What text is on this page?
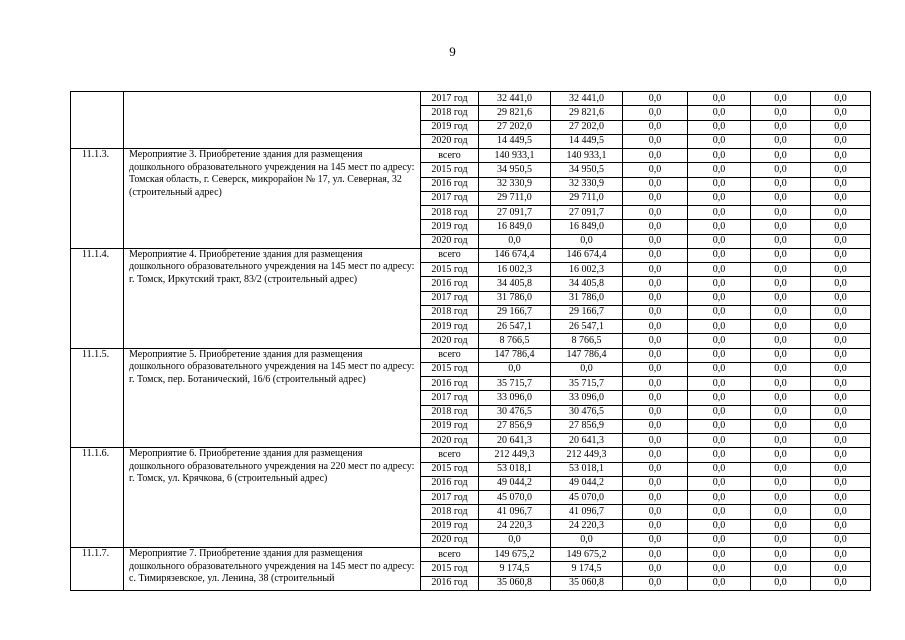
9
		2017 год	32 441,0	32 441,0	0,0	0,0	0,0	0,0
		2018 год	29 821,6	29 821,6	0,0	0,0	0,0	0,0
		2019 год	27 202,0	27 202,0	0,0	0,0	0,0	0,0
		2020 год	14 449,5	14 449,5	0,0	0,0	0,0	0,0
11.1.3.	Мероприятие 3. Приобретение здания для размещения дошкольного образовательного учреждения на 145 мест по адресу: Томская область, г. Северск, микрорайон № 17, ул. Северная, 32 (строительный адрес)	всего	140 933,1	140 933,1	0,0	0,0	0,0	0,0
		2015 год	34 950,5	34 950,5	0,0	0,0	0,0	0,0
		2016 год	32 330,9	32 330,9	0,0	0,0	0,0	0,0
		2017 год	29 711,0	29 711,0	0,0	0,0	0,0	0,0
		2018 год	27 091,7	27 091,7	0,0	0,0	0,0	0,0
		2019 год	16 849,0	16 849,0	0,0	0,0	0,0	0,0
		2020 год	0,0	0,0	0,0	0,0	0,0	0,0
11.1.4.	Мероприятие 4. Приобретение здания для размещения дошкольного образовательного учреждения на 145 мест по адресу: г. Томск, Иркутский тракт, 83/2 (строительный адрес)	всего	146 674,4	146 674,4	0,0	0,0	0,0	0,0
		2015 год	16 002,3	16 002,3	0,0	0,0	0,0	0,0
		2016 год	34 405,8	34 405,8	0,0	0,0	0,0	0,0
		2017 год	31 786,0	31 786,0	0,0	0,0	0,0	0,0
		2018 год	29 166,7	29 166,7	0,0	0,0	0,0	0,0
		2019 год	26 547,1	26 547,1	0,0	0,0	0,0	0,0
		2020 год	8 766,5	8 766,5	0,0	0,0	0,0	0,0
11.1.5.	Мероприятие 5. Приобретение здания для размещения дошкольного образовательного учреждения на 145 мест по адресу: г. Томск, пер. Ботанический, 16/6 (строительный адрес)	всего	147 786,4	147 786,4	0,0	0,0	0,0	0,0
		2015 год	0,0	0,0	0,0	0,0	0,0	0,0
		2016 год	35 715,7	35 715,7	0,0	0,0	0,0	0,0
		2017 год	33 096,0	33 096,0	0,0	0,0	0,0	0,0
		2018 год	30 476,5	30 476,5	0,0	0,0	0,0	0,0
		2019 год	27 856,9	27 856,9	0,0	0,0	0,0	0,0
		2020 год	20 641,3	20 641,3	0,0	0,0	0,0	0,0
11.1.6.	Мероприятие 6. Приобретение здания для размещения дошкольного образовательного учреждения на 220 мест по адресу: г. Томск, ул. Крячкова, 6 (строительный адрес)	всего	212 449,3	212 449,3	0,0	0,0	0,0	0,0
		2015 год	53 018,1	53 018,1	0,0	0,0	0,0	0,0
		2016 год	49 044,2	49 044,2	0,0	0,0	0,0	0,0
		2017 год	45 070,0	45 070,0	0,0	0,0	0,0	0,0
		2018 год	41 096,7	41 096,7	0,0	0,0	0,0	0,0
		2019 год	24 220,3	24 220,3	0,0	0,0	0,0	0,0
		2020 год	0,0	0,0	0,0	0,0	0,0	0,0
11.1.7.	Мероприятие 7. Приобретение здания для размещения дошкольного образовательного учреждения на 145 мест по адресу: с. Тимирязевское, ул. Ленина, 38 (строительный	всего	149 675,2	149 675,2	0,0	0,0	0,0	0,0
		2015 год	9 174,5	9 174,5	0,0	0,0	0,0	0,0
		2016 год	35 060,8	35 060,8	0,0	0,0	0,0	0,0
